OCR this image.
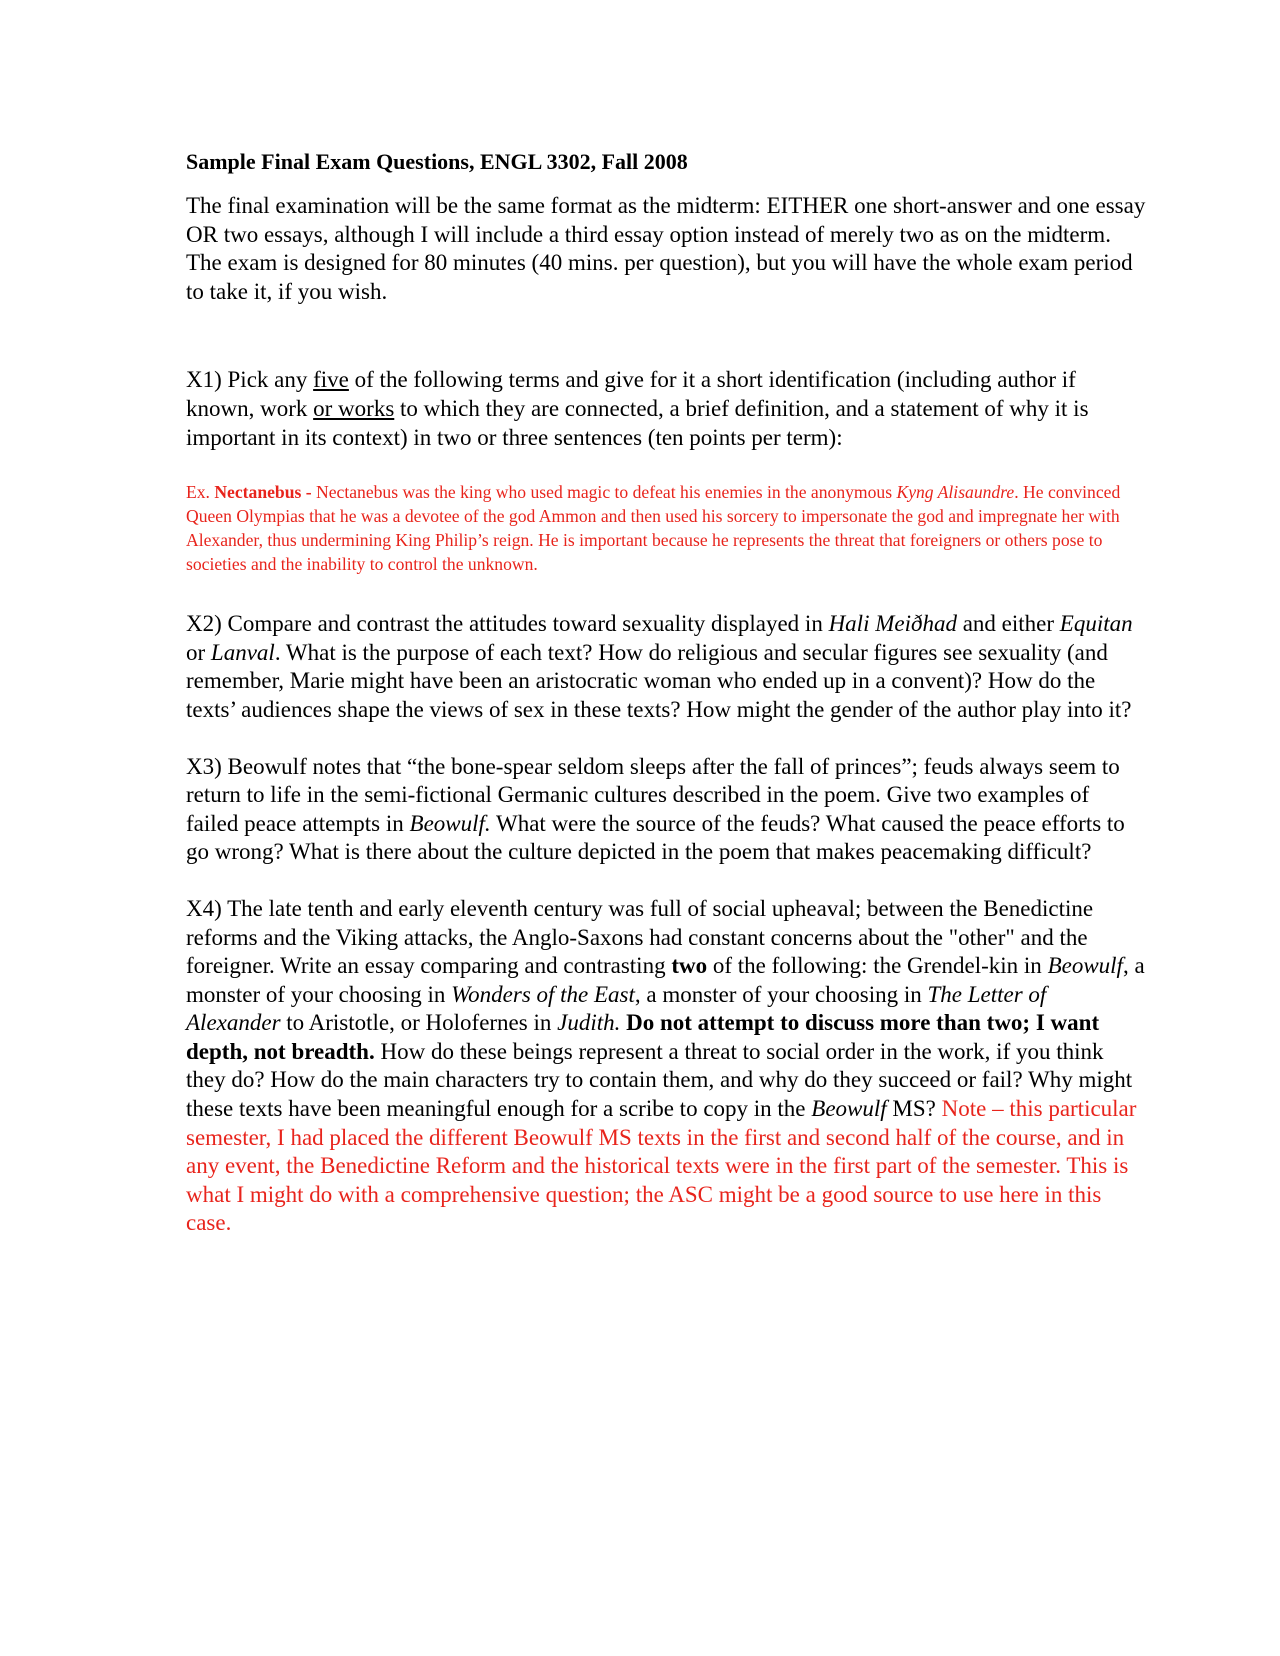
Sample Final Exam Questions, ENGL 3302, Fall 2008

The final examination will be the same format as the midterm: EITHER one short-answer and one essay OR two essays, although I will include a third essay option instead of merely two as on the midterm. The exam is designed for 80 minutes (40 mins. per question), but you will have the whole exam period to take it, if you wish.

X1) Pick any five of the following terms and give for it a short identification (including author if known, work or works to which they are connected, a brief definition, and a statement of why it is important in its context) in two or three sentences (ten points per term):

Ex. Nectanebus - Nectanebus was the king who used magic to defeat his enemies in the anonymous Kyng Alisaundre. He convinced Queen Olympias that he was a devotee of the god Ammon and then used his sorcery to impersonate the god and impregnate her with Alexander, thus undermining King Philip’s reign. He is important because he represents the threat that foreigners or others pose to societies and the inability to control the unknown.

X2) Compare and contrast the attitudes toward sexuality displayed in Hali Meiðhad and either Equitan or Lanval. What is the purpose of each text? How do religious and secular figures see sexuality (and remember, Marie might have been an aristocratic woman who ended up in a convent)? How do the texts’ audiences shape the views of sex in these texts? How might the gender of the author play into it?

X3) Beowulf notes that “the bone-spear seldom sleeps after the fall of princes”; feuds always seem to return to life in the semi-fictional Germanic cultures described in the poem. Give two examples of failed peace attempts in Beowulf. What were the source of the feuds? What caused the peace efforts to go wrong? What is there about the culture depicted in the poem that makes peacemaking difficult?

X4) The late tenth and early eleventh century was full of social upheaval; between the Benedictine reforms and the Viking attacks, the Anglo-Saxons had constant concerns about the "other" and the foreigner. Write an essay comparing and contrasting two of the following: the Grendel-kin in Beowulf, a monster of your choosing in Wonders of the East, a monster of your choosing in The Letter of Alexander to Aristotle, or Holofernes in Judith. Do not attempt to discuss more than two; I want depth, not breadth. How do these beings represent a threat to social order in the work, if you think they do? How do the main characters try to contain them, and why do they succeed or fail? Why might these texts have been meaningful enough for a scribe to copy in the Beowulf MS? Note – this particular semester, I had placed the different Beowulf MS texts in the first and second half of the course, and in any event, the Benedictine Reform and the historical texts were in the first part of the semester. This is what I might do with a comprehensive question; the ASC might be a good source to use here in this case.
